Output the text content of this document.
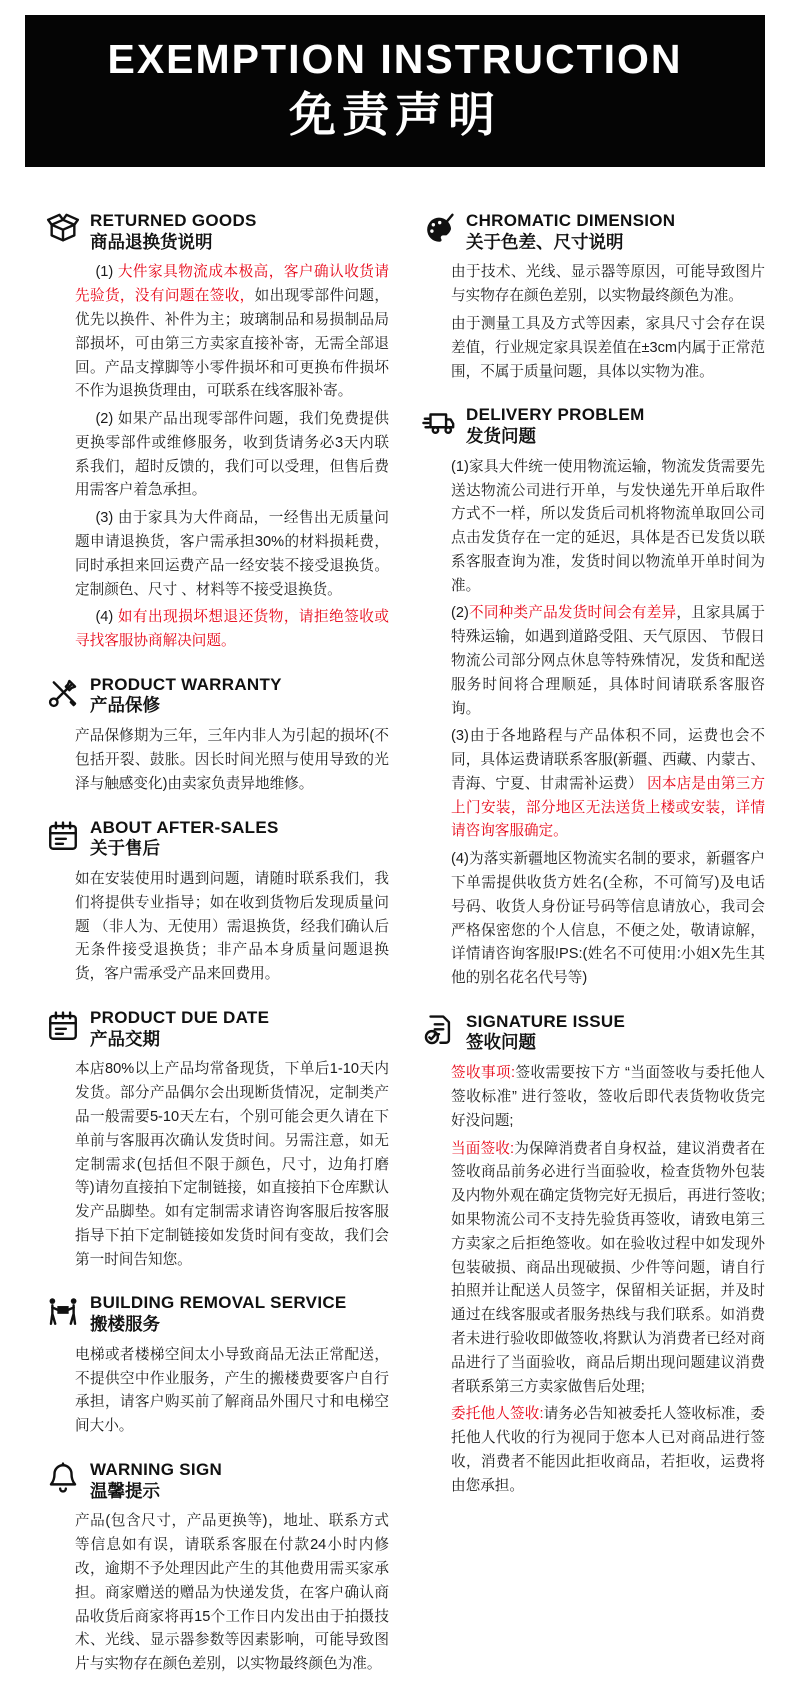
EXEMPTION INSTRUCTION
免责声明
RETURNED GOODS
商品退换货说明

(1) 大件家具物流成本极高，客户确认收货请先验货，没有问题在签收，如出现零部件问题，优先以换件、补件为主；玻璃制品和易损制品局部损坏，可由第三方卖家直接补寄，无需全部退回。产品支撑脚等小零件损坏和可更换布件损坏不作为退换货理由，可联系在线客服补寄。

(2) 如果产品出现零部件问题，我们免费提供更换零部件或维修服务，收到货请务必3天内联系我们，超时反馈的，我们可以受理，但售后费用需客户着急承担。

(3) 由于家具为大件商品，一经售出无质量问题申请退换货，客户需承担30%的材料损耗费，同时承担来回运费产品一经安装不接受退换货。定制颜色、尺寸 、材料等不接受退换货。

(4) 如有出现损坏想退还货物，请拒绝签收或寻找客服协商解决问题。

PRODUCT WARRANTY
产品保修

产品保修期为三年，三年内非人为引起的损坏(不包括开裂、鼓胀。因长时间光照与使用导致的光泽与触感变化)由卖家负责异地维修。

ABOUT AFTER-SALES
关于售后

如在安装使用时遇到问题，请随时联系我们，我们将提供专业指导；如在收到货物后发现质量问题 （非人为、无使用）需退换货，经我们确认后无条件接受退换货；非产品本身质量问题退换货，客户需承受产品来回费用。

PRODUCT DUE DATE
产品交期

本店80%以上产品均常备现货，下单后1-10天内发货。部分产品偶尔会出现断货情况，定制类产品一般需要5-10天左右，个别可能会更久请在下单前与客服再次确认发货时间。另需注意，如无定制需求(包括但不限于颜色，尺寸，边角打磨等)请勿直接拍下定制链接，如直接拍下仓库默认发产品脚垫。如有定制需求请咨询客服后按客服指导下拍下定制链接如发货时间有变故，我们会第一时间告知您。

BUILDING REMOVAL SERVICE
搬楼服务

电梯或者楼梯空间太小导致商品无法正常配送，不提供空中作业服务，产生的搬楼费要客户自行承担，请客户购买前了解商品外围尺寸和电梯空间大小。

WARNING SIGN
温馨提示

产品(包含尺寸，产品更换等)，地址、联系方式等信息如有误，请联系客服在付款24小时内修改，逾期不予处理因此产生的其他费用需买家承担。商家赠送的赠品为快递发货，在客户确认商品收货后商家将再15个工作日内发出由于拍摄技术、光线、显示器参数等因素影响，可能导致图片与实物存在颜色差别，以实物最终颜色为准。

CHROMATIC DIMENSION
关于色差、尺寸说明

由于技术、光线、显示器等原因，可能导致图片与实物存在颜色差别，以实物最终颜色为准。

由于测量工具及方式等因素，家具尺寸会存在误差值，行业规定家具误差值在±3cm内属于正常范围，不属于质量问题，具体以实物为准。

DELIVERY PROBLEM
发货问题

(1)家具大件统一使用物流运输，物流发货需要先送达物流公司进行开单，与发快递先开单后取件方式不一样，所以发货后司机将物流单取回公司点击发货存在一定的延迟，具体是否已发货以联系客服查询为准，发货时间以物流单开单时间为准。

(2)不同种类产品发货时间会有差异，且家具属于特殊运输，如遇到道路受阻、天气原因、 节假日物流公司部分网点休息等特殊情况，发货和配送服务时间将合理顺延，具体时间请联系客服咨询。

(3)由于各地路程与产品体积不同，运费也会不同，具体运费请联系客服(新疆、西藏、内蒙古、青海、宁夏、甘肃需补运费） 因本店是由第三方上门安装，部分地区无法送货上楼或安装，详情请咨询客服确定。

(4)为落实新疆地区物流实名制的要求，新疆客户下单需提供收货方姓名(全称，不可简写)及电话号码、收货人身份证号码等信息请放心，我司会严格保密您的个人信息，不便之处，敬请谅解，详情请咨询客服!PS:(姓名不可使用:小姐X先生其他的别名花名代号等)

SIGNATURE ISSUE
签收问题

签收事项:签收需要按下方 “当面签收与委托他人签收标准” 进行签收，签收后即代表货物收货完好没问题;

当面签收:为保障消费者自身权益，建议消费者在签收商品前务必进行当面验收，检查货物外包装及内物外观在确定货物完好无损后，再进行签收;如果物流公司不支持先验货再签收，请致电第三方卖家之后拒绝签收。如在验收过程中如发现外包装破损、商品出现破损、少件等问题，请自行拍照并让配送人员签字，保留相关证据，并及时通过在线客服或者服务热线与我们联系。如消费者未进行验收即做签收,将默认为消费者已经对商品进行了当面验收，商品后期出现问题建议消费者联系第三方卖家做售后处理;

委托他人签收:请务必告知被委托人签收标准，委托他人代收的行为视同于您本人已对商品进行签收，消费者不能因此拒收商品，若拒收，运费将由您承担。
